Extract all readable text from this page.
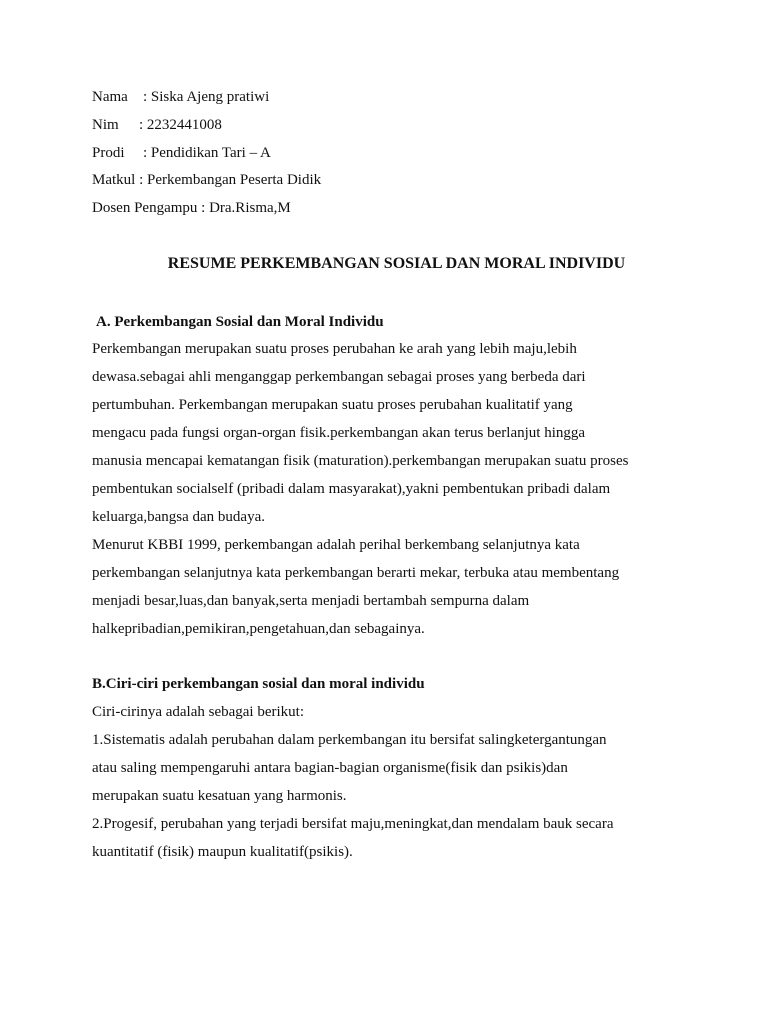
Nama : Siska Ajeng pratiwi
Nim : 2232441008
Prodi : Pendidikan Tari – A
Matkul : Perkembangan Peserta Didik
Dosen Pengampu : Dra.Risma,M
RESUME PERKEMBANGAN SOSIAL DAN MORAL INDIVIDU
A. Perkembangan Sosial dan Moral Individu
Perkembangan merupakan suatu proses perubahan ke arah yang lebih maju,lebih
dewasa.sebagai ahli menganggap perkembangan sebagai proses yang berbeda dari
pertumbuhan. Perkembangan merupakan suatu proses perubahan kualitatif yang
mengacu pada fungsi organ-organ fisik.perkembangan akan terus berlanjut hingga
manusia mencapai kematangan fisik (maturation).perkembangan merupakan suatu proses
pembentukan socialself (pribadi dalam masyarakat),yakni pembentukan pribadi dalam
keluarga,bangsa dan budaya.
Menurut KBBI 1999, perkembangan adalah perihal berkembang selanjutnya kata
perkembangan selanjutnya kata perkembangan berarti mekar, terbuka atau membentang
menjadi besar,luas,dan banyak,serta menjadi bertambah sempurna dalam
halkepribadian,pemikiran,pengetahuan,dan sebagainya.
B.Ciri-ciri perkembangan sosial dan moral individu
Ciri-cirinya adalah sebagai berikut:
1.Sistematis adalah perubahan dalam perkembangan itu bersifat salingketergantungan
atau saling mempengaruhi antara bagian-bagian organisme(fisik dan psikis)dan
merupakan suatu kesatuan yang harmonis.
2.Progesif, perubahan yang terjadi bersifat maju,meningkat,dan mendalam bauk secara
kuantitatif (fisik) maupun kualitatif(psikis).
